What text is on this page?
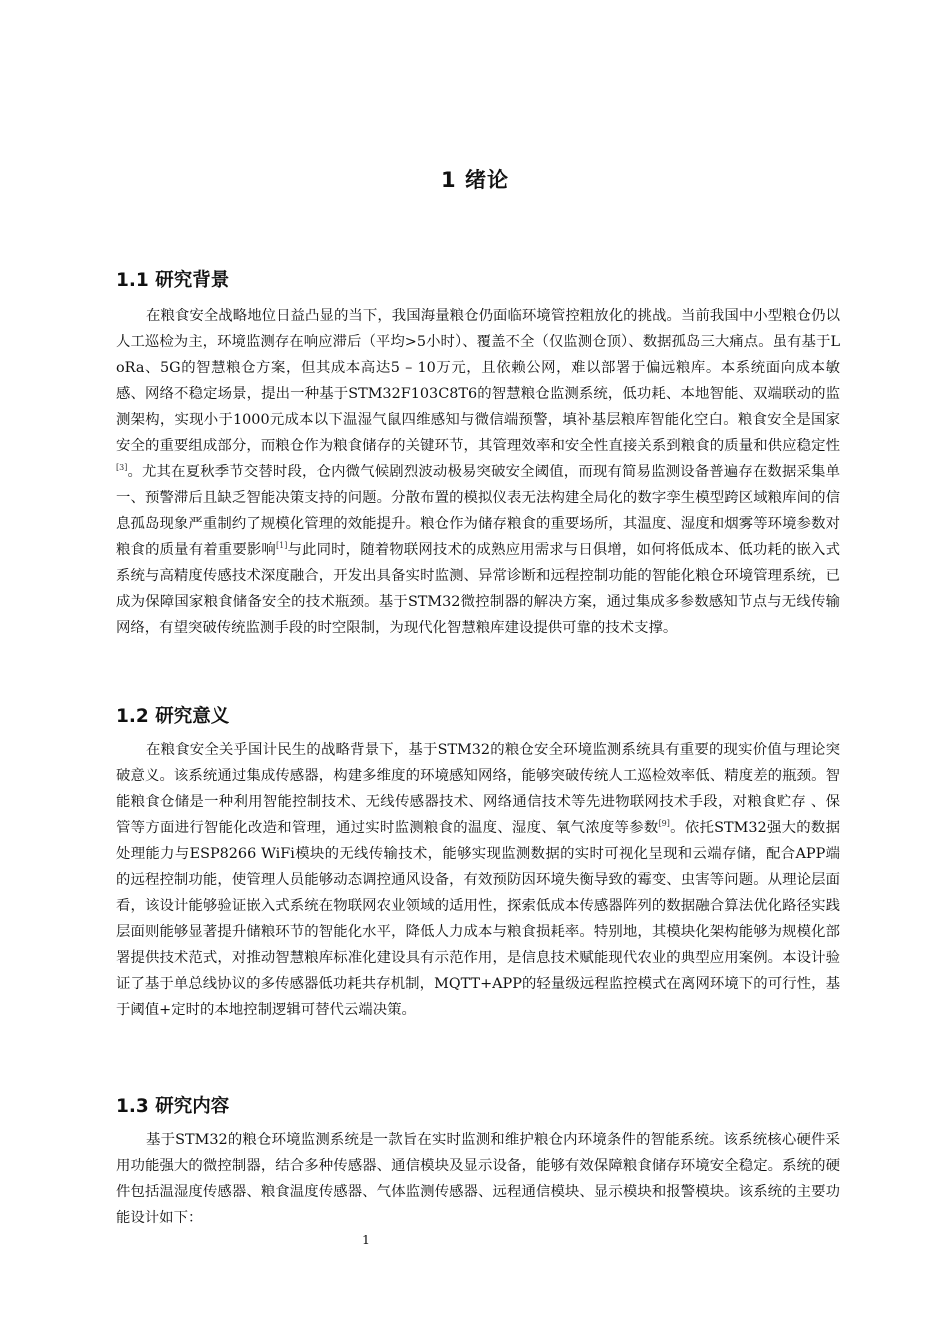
1 绪论
1.1 研究背景

在粮食安全战略地位日益凸显的当下，我国海量粮仓仍面临环境管控粗放化的挑战。当前我国中小型粮仓仍以人工巡检为主，环境监测存在响应滞后（平均>5小时）、覆盖不全（仅监测仓顶）、数据孤岛三大痛点。虽有基于LoRa、5G的智慧粮仓方案，但其成本高达5 – 10万元，且依赖公网，难以部署于偏远粮库。本系统面向成本敏感、网络不稳定场景，提出一种基于STM32F103C8T6的智慧粮仓监测系统，低功耗、本地智能、双端联动的监测架构，实现小于1000元成本以下温湿气鼠四维感知与微信端预警，填补基层粮库智能化空白。粮食安全是国家安全的重要组成部分，而粮仓作为粮食储存的关键环节，其管理效率和安全性直接关系到粮食的质量和供应稳定性[3]。尤其在夏秋季节交替时段，仓内微气候剧烈波动极易突破安全阈值，而现有简易监测设备普遍存在数据采集单一、预警滞后且缺乏智能决策支持的问题。分散布置的模拟仪表无法构建全局化的数字孪生模型跨区域粮库间的信息孤岛现象严重制约了规模化管理的效能提升。粮仓作为储存粮食的重要场所，其温度、湿度和烟雾等环境参数对粮食的质量有着重要影响[1]与此同时，随着物联网技术的成熟应用需求与日俱增，如何将低成本、低功耗的嵌入式系统与高精度传感技术深度融合，开发出具备实时监测、异常诊断和远程控制功能的智能化粮仓环境管理系统，已成为保障国家粮食储备安全的技术瓶颈。基于STM32微控制器的解决方案，通过集成多参数感知节点与无线传输网络，有望突破传统监测手段的时空限制，为现代化智慧粮库建设提供可靠的技术支撑。

1.2 研究意义

在粮食安全关乎国计民生的战略背景下，基于STM32的粮仓安全环境监测系统具有重要的现实价值与理论突破意义。该系统通过集成传感器，构建多维度的环境感知网络，能够突破传统人工巡检效率低、精度差的瓶颈。智能粮食仓储是一种利用智能控制技术、无线传感器技术、网络通信技术等先进物联网技术手段，对粮食贮存 、保管等方面进行智能化改造和管理，通过实时监测粮食的温度、湿度、氧气浓度等参数[9]。依托STM32强大的数据处理能力与ESP8266 WiFi模块的无线传输技术，能够实现监测数据的实时可视化呈现和云端存储，配合APP端的远程控制功能，使管理人员能够动态调控通风设备，有效预防因环境失衡导致的霉变、虫害等问题。从理论层面看，该设计能够验证嵌入式系统在物联网农业领域的适用性，探索低成本传感器阵列的数据融合算法优化路径实践层面则能够显著提升储粮环节的智能化水平，降低人力成本与粮食损耗率。特别地，其模块化架构能够为规模化部署提供技术范式，对推动智慧粮库标准化建设具有示范作用，是信息技术赋能现代农业的典型应用案例。本设计验证了基于单总线协议的多传感器低功耗共存机制，MQTT+APP的轻量级远程监控模式在离网环境下的可行性，基于阈值+定时的本地控制逻辑可替代云端决策。

1.3 研究内容

基于STM32的粮仓环境监测系统是一款旨在实时监测和维护粮仓内环境条件的智能系统。该系统核心硬件采用功能强大的微控制器，结合多种传感器、通信模块及显示设备，能够有效保障粮食储存环境安全稳定。系统的硬件包括温湿度传感器、粮食温度传感器、气体监测传感器、远程通信模块、显示模块和报警模块。该系统的主要功能设计如下：

1
